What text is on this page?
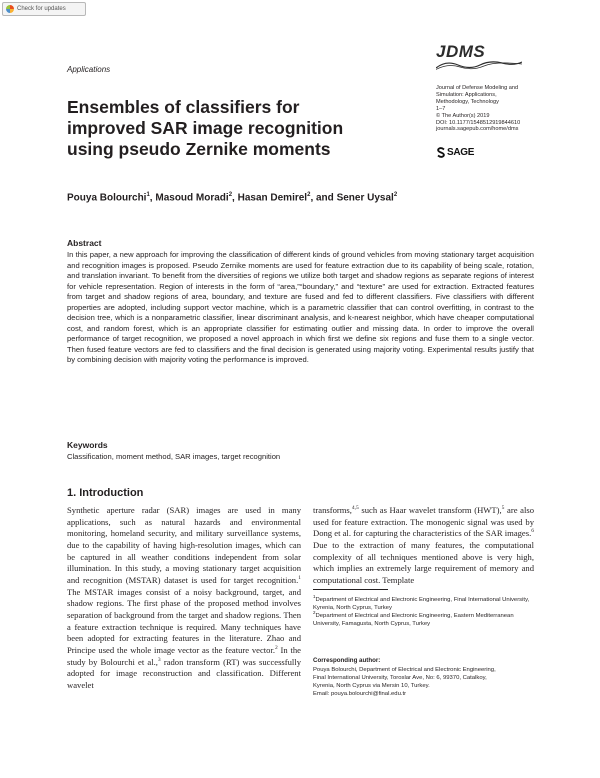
Check for updates
Applications
Ensembles of classifiers for improved SAR image recognition using pseudo Zernike moments
JDMS
Journal of Defense Modeling and
Simulation: Applications,
Methodology, Technology
1–7
© The Author(s) 2019
DOI: 10.1177/1548512919844610
journals.sagepub.com/home/dms
SAGE
Pouya Bolourchi$^1$, Masoud Moradi$^2$, Hasan Demirel$^2$, and Sener Uysal$^2$
Abstract

In this paper, a new approach for improving the classification of different kinds of ground vehicles from moving stationary target acquisition and recognition images is proposed. Pseudo Zernike moments are used for feature extraction due to its capability of being scale, rotation, and translation invariant. To benefit from the diversities of regions we utilize both target and shadow regions as separate regions of interest for vehicle representation. Region of interests in the form of “area,”“boundary,” and “texture” are used for extraction. Extracted features from target and shadow regions of area, boundary, and texture are fused and fed to different classifiers. Five classifiers with different properties are adopted, including support vector machine, which is a parametric classifier that can control overfitting, in contrast to the decision tree, which is a nonparametric classifier, linear discriminant analysis, and k-nearest neighbor, which have cheaper computational cost, and random forest, which is an appropriate classifier for estimating outlier and missing data. In order to improve the overall performance of target recognition, we proposed a novel approach in which first we define six regions and fuse them to a single vector. Then fused feature vectors are fed to classifiers and the final decision is generated using majority voting. Experimental results justify that by combining decision with majority voting the performance is improved.

Keywords
Classification, moment method, SAR images, target recognition
1. Introduction

Synthetic aperture radar (SAR) images are used in many applications, such as natural hazards and environmental monitoring, homeland security, and military surveillance systems, due to the capability of having high-resolution images, which can be captured in all weather conditions independent from solar illumination. In this study, a moving stationary target acquisition and recognition (MSTAR) dataset is used for target recognition.$^1$ The MSTAR images consist of a noisy background, target, and shadow regions. The first phase of the proposed method involves separation of background from the target and shadow regions. Then a feature extraction technique is required. Many techniques have been adopted for extracting features in the literature. Zhao and Principe used the whole image vector as the feature vector.$^2$ In the study by Bolourchi et al.,$^3$ radon transform (RT) was successfully adopted for image reconstruction and classification. Different wavelet

transforms,$^{4,5}$ such as Haar wavelet transform (HWT),$^5$ are also used for feature extraction. The monogenic signal was used by Dong et al. for capturing the characteristics of the SAR images.$^6$ Due to the extraction of many features, the computational complexity of all techniques mentioned above is very high, which implies an extremely large requirement of memory and computational cost. Template

$^1$Department of Electrical and Electronic Engineering, Final International University, Kyrenia, North Cyprus, Turkey
$^2$Department of Electrical and Electronic Engineering, Eastern Mediterranean University, Famagusta, North Cyprus, Turkey
Corresponding author:
Pouya Bolourchi, Department of Electrical and Electronic Engineering,
Final International University, Toroslar Ave, No: 6, 99370, Catalkoy,
Kyrenia, North Cyprus via Mersin 10, Turkey.
Email: pouya.bolourchi@final.edu.tr
